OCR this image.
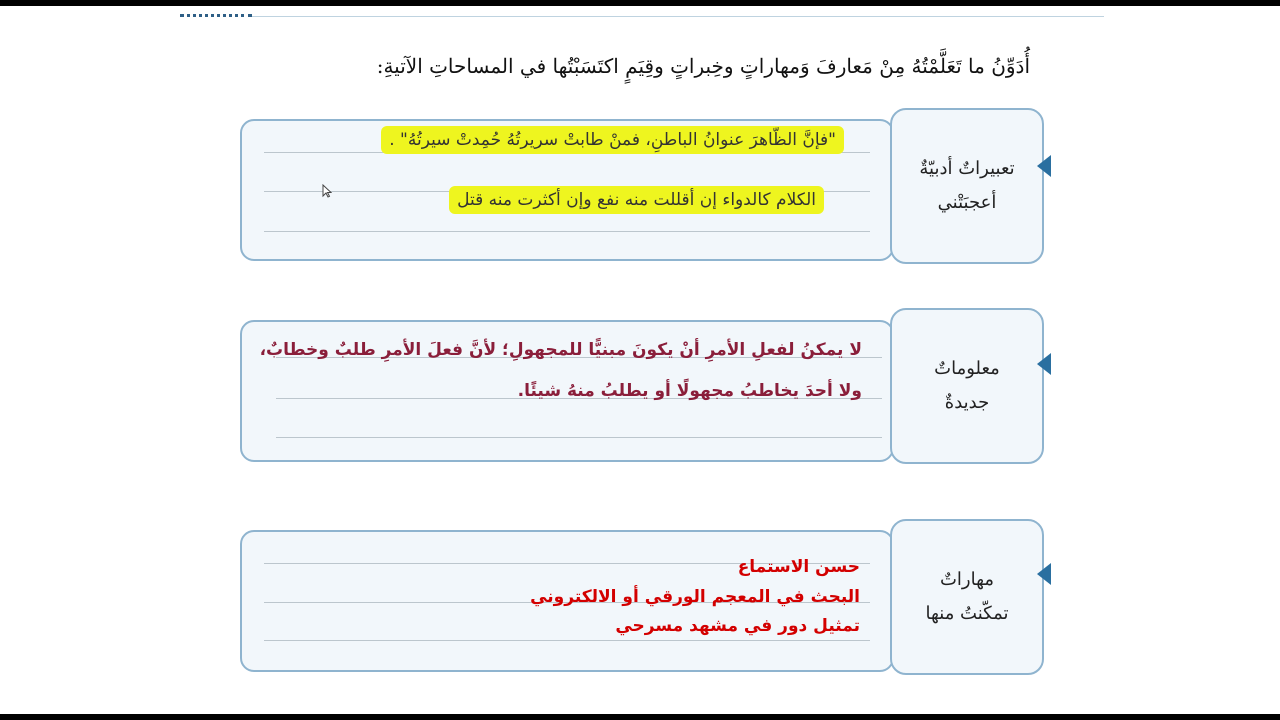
أُدَوِّنُ ما تَعَلَّمْتُهُ مِنْ مَعارفَ وَمهاراتٍ وخِبراتٍ وقِيَمٍ اكتَسَبْتُها في المساحاتِ الآتيةِ:
تعبيراتٌ أدبيّةٌ
أعجبَتْني
"فإنَّ الظّاهرَ عنوانُ الباطنِ، فمنْ طابتْ سريرتُهُ حُمِدتْ سيرتُهُ" .
الكلام كالدواء إن أقللت منه نفع وإن أكثرت منه قتل
معلوماتٌ
جديدةٌ
لا يمكنُ لفعلِ الأمرِ أنْ يكونَ مبنيًّا للمجهولِ؛ لأنَّ فعلَ الأمرِ طلبٌ وخطابٌ،
ولا أحدَ يخاطبُ مجهولًا أو يطلبُ منهُ شيئًا.
مهاراتٌ
تمكّنتُ منها
حسن الاستماع
البحث في المعجم الورقي أو الالكتروني
تمثيل دور في مشهد مسرحي
